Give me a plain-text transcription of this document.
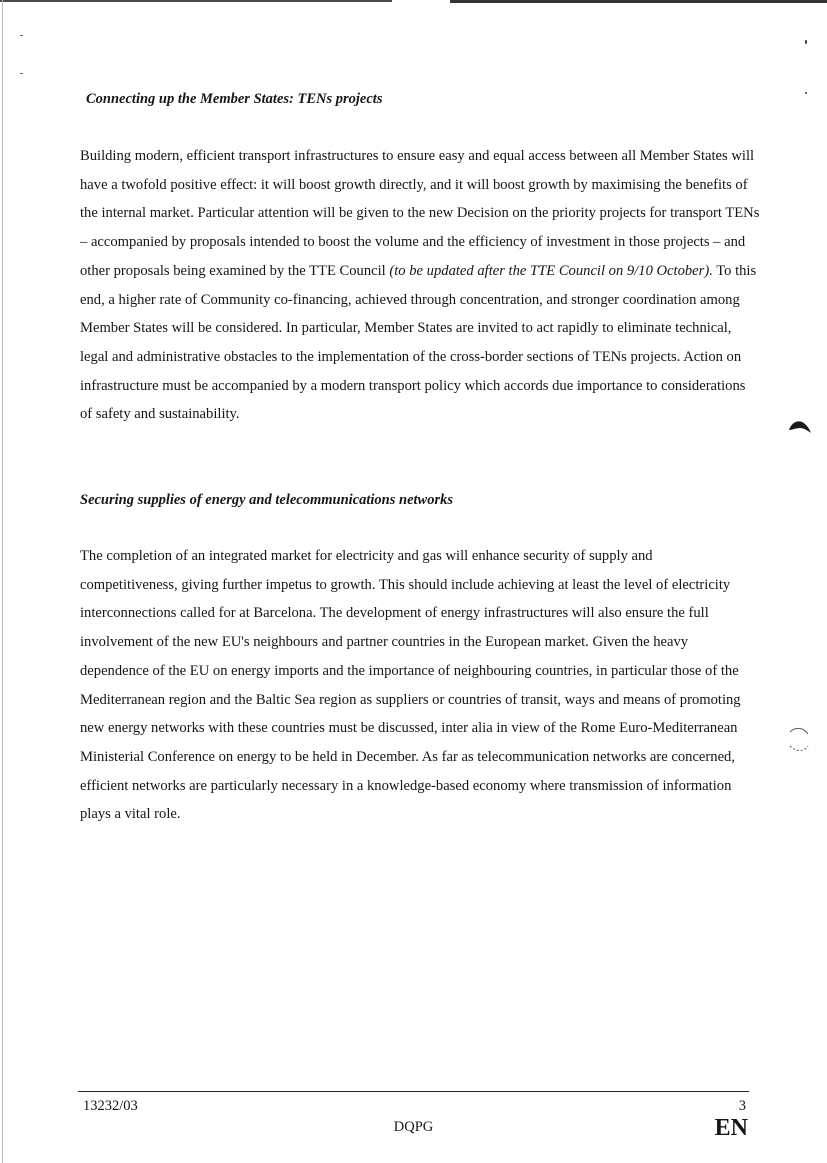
Connecting up the Member States: TENs projects

Building modern, efficient transport infrastructures to ensure easy and equal access between all Member States will have a twofold positive effect: it will boost growth directly, and it will boost growth by maximising the benefits of the internal market. Particular attention will be given to the new Decision on the priority projects for transport TENs – accompanied by proposals intended to boost the volume and the efficiency of investment in those projects – and other proposals being examined by the TTE Council (to be updated after the TTE Council on 9/10 October). To this end, a higher rate of Community co-financing, achieved through concentration, and stronger coordination among Member States will be considered. In particular, Member States are invited to act rapidly to eliminate technical, legal and administrative obstacles to the implementation of the cross-border sections of TENs projects. Action on infrastructure must be accompanied by a modern transport policy which accords due importance to considerations of safety and sustainability.

Securing supplies of energy and telecommunications networks

The completion of an integrated market for electricity and gas will enhance security of supply and competitiveness, giving further impetus to growth. This should include achieving at least the level of electricity interconnections called for at Barcelona. The development of energy infrastructures will also ensure the full involvement of the new EU's neighbours and partner countries in the European market. Given the heavy dependence of the EU on energy imports and the importance of neighbouring countries, in particular those of the Mediterranean region and the Baltic Sea region as suppliers or countries of transit, ways and means of promoting new energy networks with these countries must be discussed, inter alia in view of the Rome Euro-Mediterranean Ministerial Conference on energy to be held in December. As far as telecommunication networks are concerned, efficient networks are particularly necessary in a knowledge-based economy where transmission of information plays a vital role.

13232/03
DQPG
3
EN
